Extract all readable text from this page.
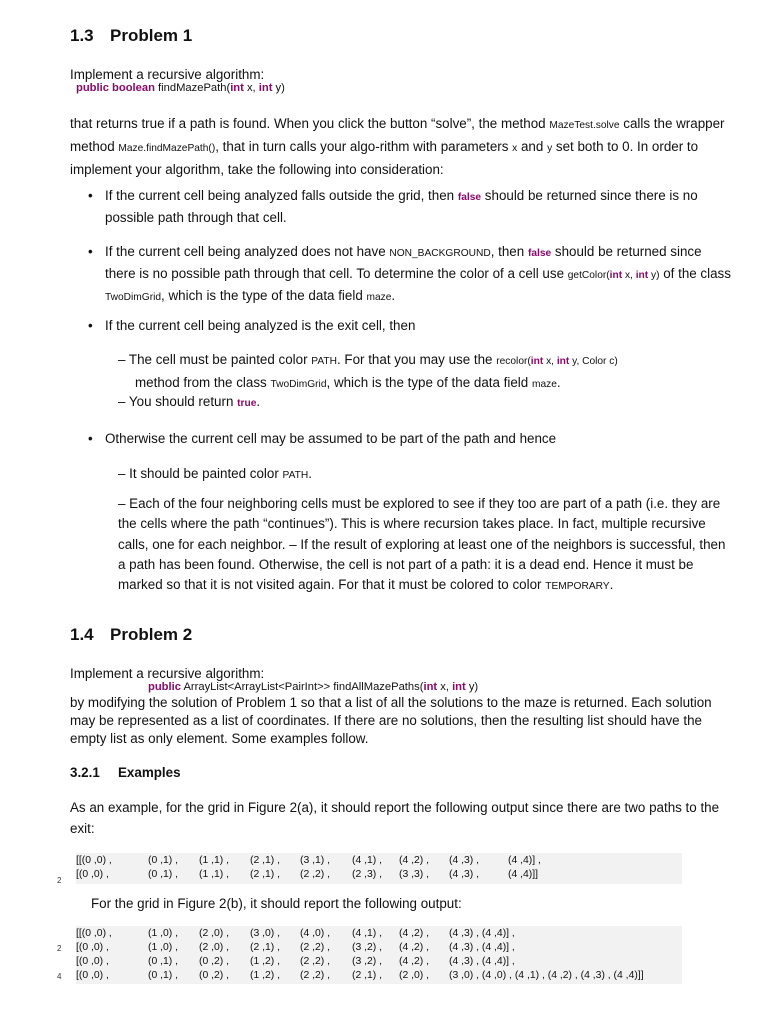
1.3 Problem 1
Implement a recursive algorithm:
public boolean findMazePath(int x, int y)
that returns true if a path is found. When you click the button “solve”, the method MazeTest.solve calls the wrapper method Maze.findMazePath(), that in turn calls your algo-rithm with parameters x and y set both to 0. In order to implement your algorithm, take the following into consideration:
• If the current cell being analyzed falls outside the grid, then false should be returned since there is no possible path through that cell.
• If the current cell being analyzed does not have NON_BACKGROUND, then false should be returned since there is no possible path through that cell. To determine the color of a cell use getColor(int x, int y) of the class TwoDimGrid, which is the type of the data field maze.
• If the current cell being analyzed is the exit cell, then
– The cell must be painted color PATH. For that you may use the recolor(int x, int y, Color c)
method from the class TwoDimGrid, which is the type of the data field maze.
– You should return true.
• Otherwise the current cell may be assumed to be part of the path and hence
– It should be painted color PATH.
– Each of the four neighboring cells must be explored to see if they too are part of a path (i.e. they are the cells where the path “continues”). This is where recursion takes place. In fact, multiple recursive calls, one for each neighbor. – If the result of exploring at least one of the neighbors is successful, then a path has been found. Otherwise, the cell is not part of a path: it is a dead end. Hence it must be marked so that it is not visited again. For that it must be colored to color TEMPORARY.
1.4 Problem 2
Implement a recursive algorithm:
public ArrayList<ArrayList<PairInt>> findAllMazePaths(int x, int y)
by modifying the solution of Problem 1 so that a list of all the solutions to the maze is returned. Each solution may be represented as a list of coordinates. If there are no solutions, then the resulting list should have the empty list as only element. Some examples follow.
3.2.1 Examples
As an example, for the grid in Figure 2(a), it should report the following output since there are two paths to the exit:
[[(0 ,0) ,	(0 ,1) , (1 ,1) , (2 ,1) , (3 ,1) , (4 ,1) , (4 ,2) , (4 ,3) ,	(4 ,4)] ,
[(0 ,0) ,	(0 ,1) , (1 ,1) , (2 ,1) , (2 ,2) , (2 ,3) , (3 ,3) , (4 ,3) ,	(4 ,4)]]
2
For the grid in Figure 2(b), it should report the following output:
[[(0 ,0) ,	(1 ,0) , (2 ,0) , (3 ,0) , (4 ,0) , (4 ,1) , (4 ,2) , (4 ,3) , (4 ,4)] ,
[(0 ,0) ,	(1 ,0) , (2 ,0) , (2 ,1) , (2 ,2) , (3 ,2) , (4 ,2) , (4 ,3) , (4 ,4)] ,
[(0 ,0) ,	(0 ,1) , (0 ,2) , (1 ,2) , (2 ,2) , (3 ,2) , (4 ,2) , (4 ,3) , (4 ,4)] ,
[(0 ,0) ,	(0 ,1) , (0 ,2) , (1 ,2) , (2 ,2) , (2 ,1) , (2 ,0) , (3 ,0) , (4 ,0) , (4 ,1) , (4 ,2) , (4 ,3) , (4 ,4)]]
2
4
